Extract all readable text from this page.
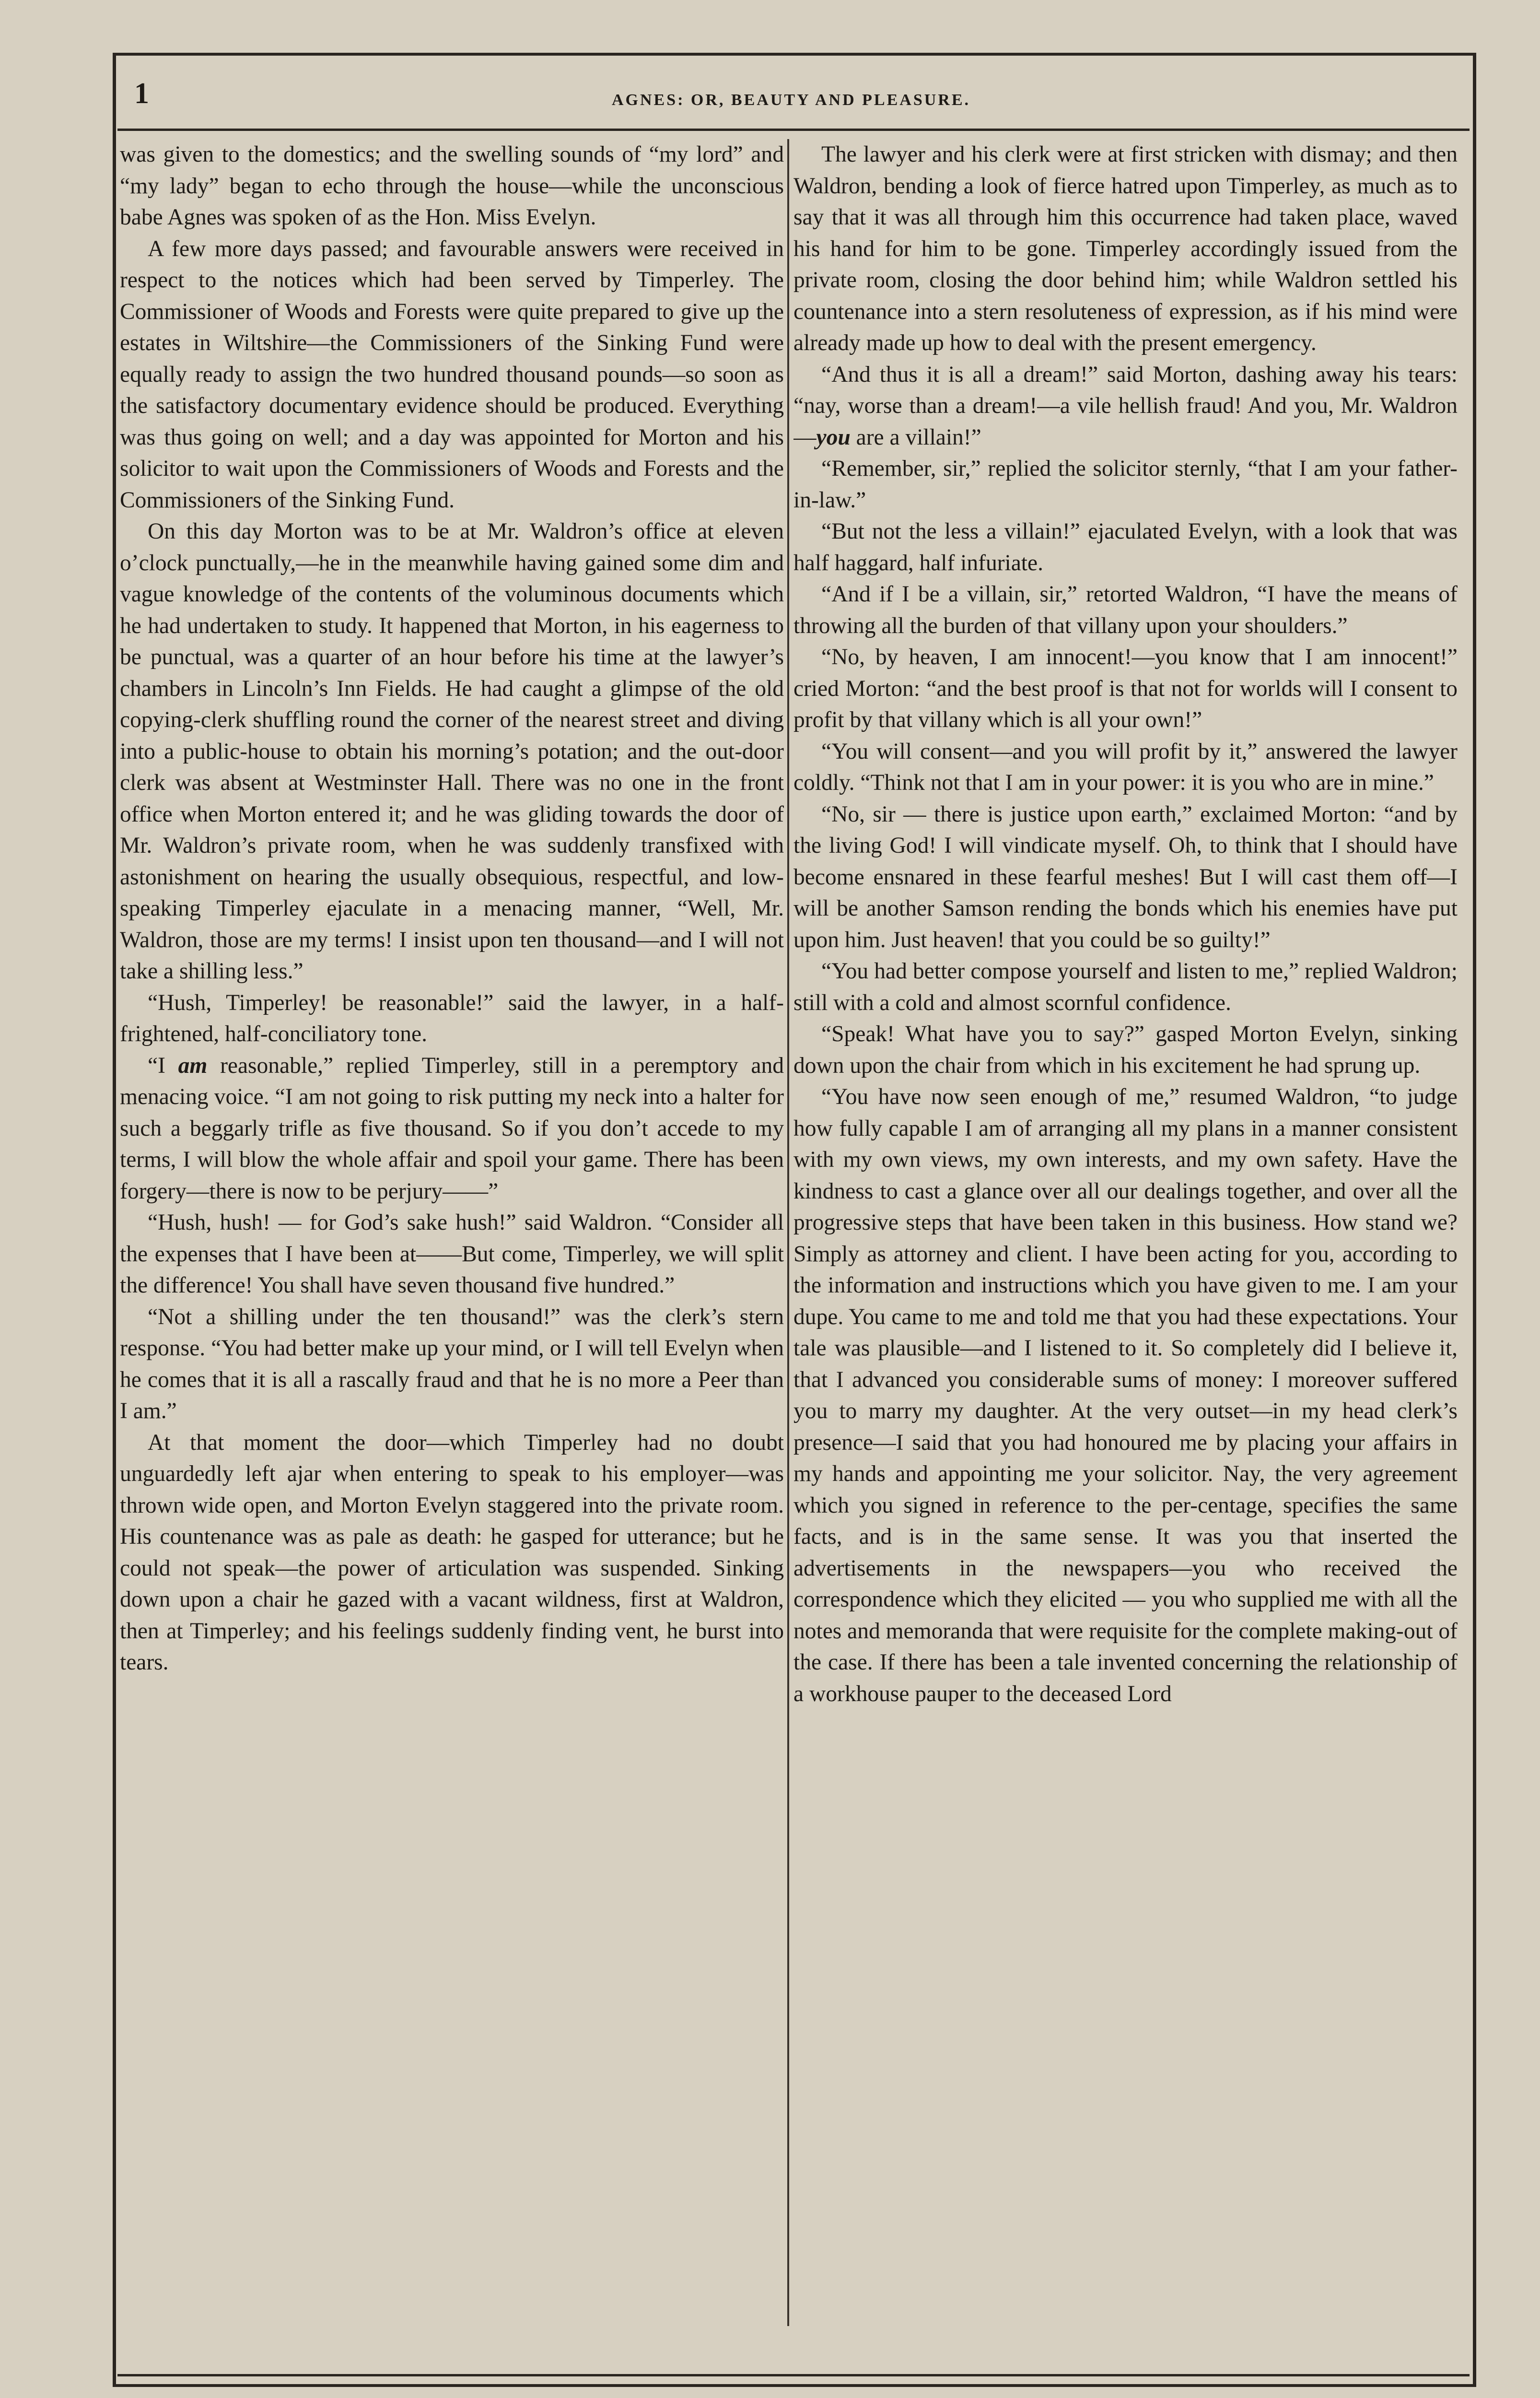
1	AGNES: OR, BEAUTY AND PLEASURE.

was given to the domestics; and the swelling sounds of “my lord” and “my lady” began to echo through the house—while the unconscious babe Agnes was spoken of as the Hon. Miss Evelyn.

A few more days passed; and favourable answers were received in respect to the notices which had been served by Timperley. The Commissioner of Woods and Forests were quite prepared to give up the estates in Wiltshire—the Commissioners of the Sinking Fund were equally ready to assign the two hundred thousand pounds—so soon as the satisfactory documentary evidence should be produced. Everything was thus going on well; and a day was appointed for Morton and his solicitor to wait upon the Commissioners of Woods and Forests and the Commissioners of the Sinking Fund.

On this day Morton was to be at Mr. Waldron’s office at eleven o’clock punctually,—he in the meanwhile having gained some dim and vague knowledge of the contents of the voluminous documents which he had undertaken to study. It happened that Morton, in his eagerness to be punctual, was a quarter of an hour before his time at the lawyer’s chambers in Lincoln’s Inn Fields. He had caught a glimpse of the old copying-clerk shuffling round the corner of the nearest street and diving into a public-house to obtain his morning’s potation; and the out-door clerk was absent at Westminster Hall. There was no one in the front office when Morton entered it; and he was gliding towards the door of Mr. Waldron’s private room, when he was suddenly transfixed with astonishment on hearing the usually obsequious, respectful, and low-speaking Timperley ejaculate in a menacing manner, “Well, Mr. Waldron, those are my terms! I insist upon ten thousand—and I will not take a shilling less.”

“Hush, Timperley! be reasonable!” said the lawyer, in a half-frightened, half-conciliatory tone.

“I am reasonable,” replied Timperley, still in a peremptory and menacing voice. “I am not going to risk putting my neck into a halter for such a beggarly trifle as five thousand. So if you don’t accede to my terms, I will blow the whole affair and spoil your game. There has been forgery—there is now to be perjury——”

“Hush, hush! — for God’s sake hush!” said Waldron. “Consider all the expenses that I have been at——But come, Timperley, we will split the difference! You shall have seven thousand five hundred.”

“Not a shilling under the ten thousand!” was the clerk’s stern response. “You had better make up your mind, or I will tell Evelyn when he comes that it is all a rascally fraud and that he is no more a Peer than I am.”

At that moment the door—which Timperley had no doubt unguardedly left ajar when entering to speak to his employer—was thrown wide open, and Morton Evelyn staggered into the private room. His countenance was as pale as death: he gasped for utterance; but he could not speak—the power of articulation was suspended. Sinking down upon a chair he gazed with a vacant wildness, first at Waldron, then at Timperley; and his feelings suddenly finding vent, he burst into tears.

The lawyer and his clerk were at first stricken with dismay; and then Waldron, bending a look of fierce hatred upon Timperley, as much as to say that it was all through him this occurrence had taken place, waved his hand for him to be gone. Timperley accordingly issued from the private room, closing the door behind him; while Waldron settled his countenance into a stern resoluteness of expression, as if his mind were already made up how to deal with the present emergency.

“And thus it is all a dream!” said Morton, dashing away his tears: “nay, worse than a dream!—a vile hellish fraud! And you, Mr. Waldron—you are a villain!”

“Remember, sir,” replied the solicitor sternly, “that I am your father-in-law.”

“But not the less a villain!” ejaculated Evelyn, with a look that was half haggard, half infuriate.

“And if I be a villain, sir,” retorted Waldron, “I have the means of throwing all the burden of that villany upon your shoulders.”

“No, by heaven, I am innocent!—you know that I am innocent!” cried Morton: “and the best proof is that not for worlds will I consent to profit by that villany which is all your own!”

“You will consent—and you will profit by it,” answered the lawyer coldly. “Think not that I am in your power: it is you who are in mine.”

“No, sir — there is justice upon earth,” exclaimed Morton: “and by the living God! I will vindicate myself. Oh, to think that I should have become ensnared in these fearful meshes! But I will cast them off—I will be another Samson rending the bonds which his enemies have put upon him. Just heaven! that you could be so guilty!”

“You had better compose yourself and listen to me,” replied Waldron; still with a cold and almost scornful confidence.

“Speak! What have you to say?” gasped Morton Evelyn, sinking down upon the chair from which in his excitement he had sprung up.

“You have now seen enough of me,” resumed Waldron, “to judge how fully capable I am of arranging all my plans in a manner consistent with my own views, my own interests, and my own safety. Have the kindness to cast a glance over all our dealings together, and over all the progressive steps that have been taken in this business. How stand we? Simply as attorney and client. I have been acting for you, according to the information and instructions which you have given to me. I am your dupe. You came to me and told me that you had these expectations. Your tale was plausible—and I listened to it. So completely did I believe it, that I advanced you considerable sums of money: I moreover suffered you to marry my daughter. At the very outset—in my head clerk’s presence—I said that you had honoured me by placing your affairs in my hands and appointing me your solicitor. Nay, the very agreement which you signed in reference to the per-centage, specifies the same facts, and is in the same sense. It was you that inserted the advertisements in the newspapers—you who received the correspondence which they elicited — you who supplied me with all the notes and memoranda that were requisite for the complete making-out of the case. If there has been a tale invented concerning the relationship of a workhouse pauper to the deceased Lord
